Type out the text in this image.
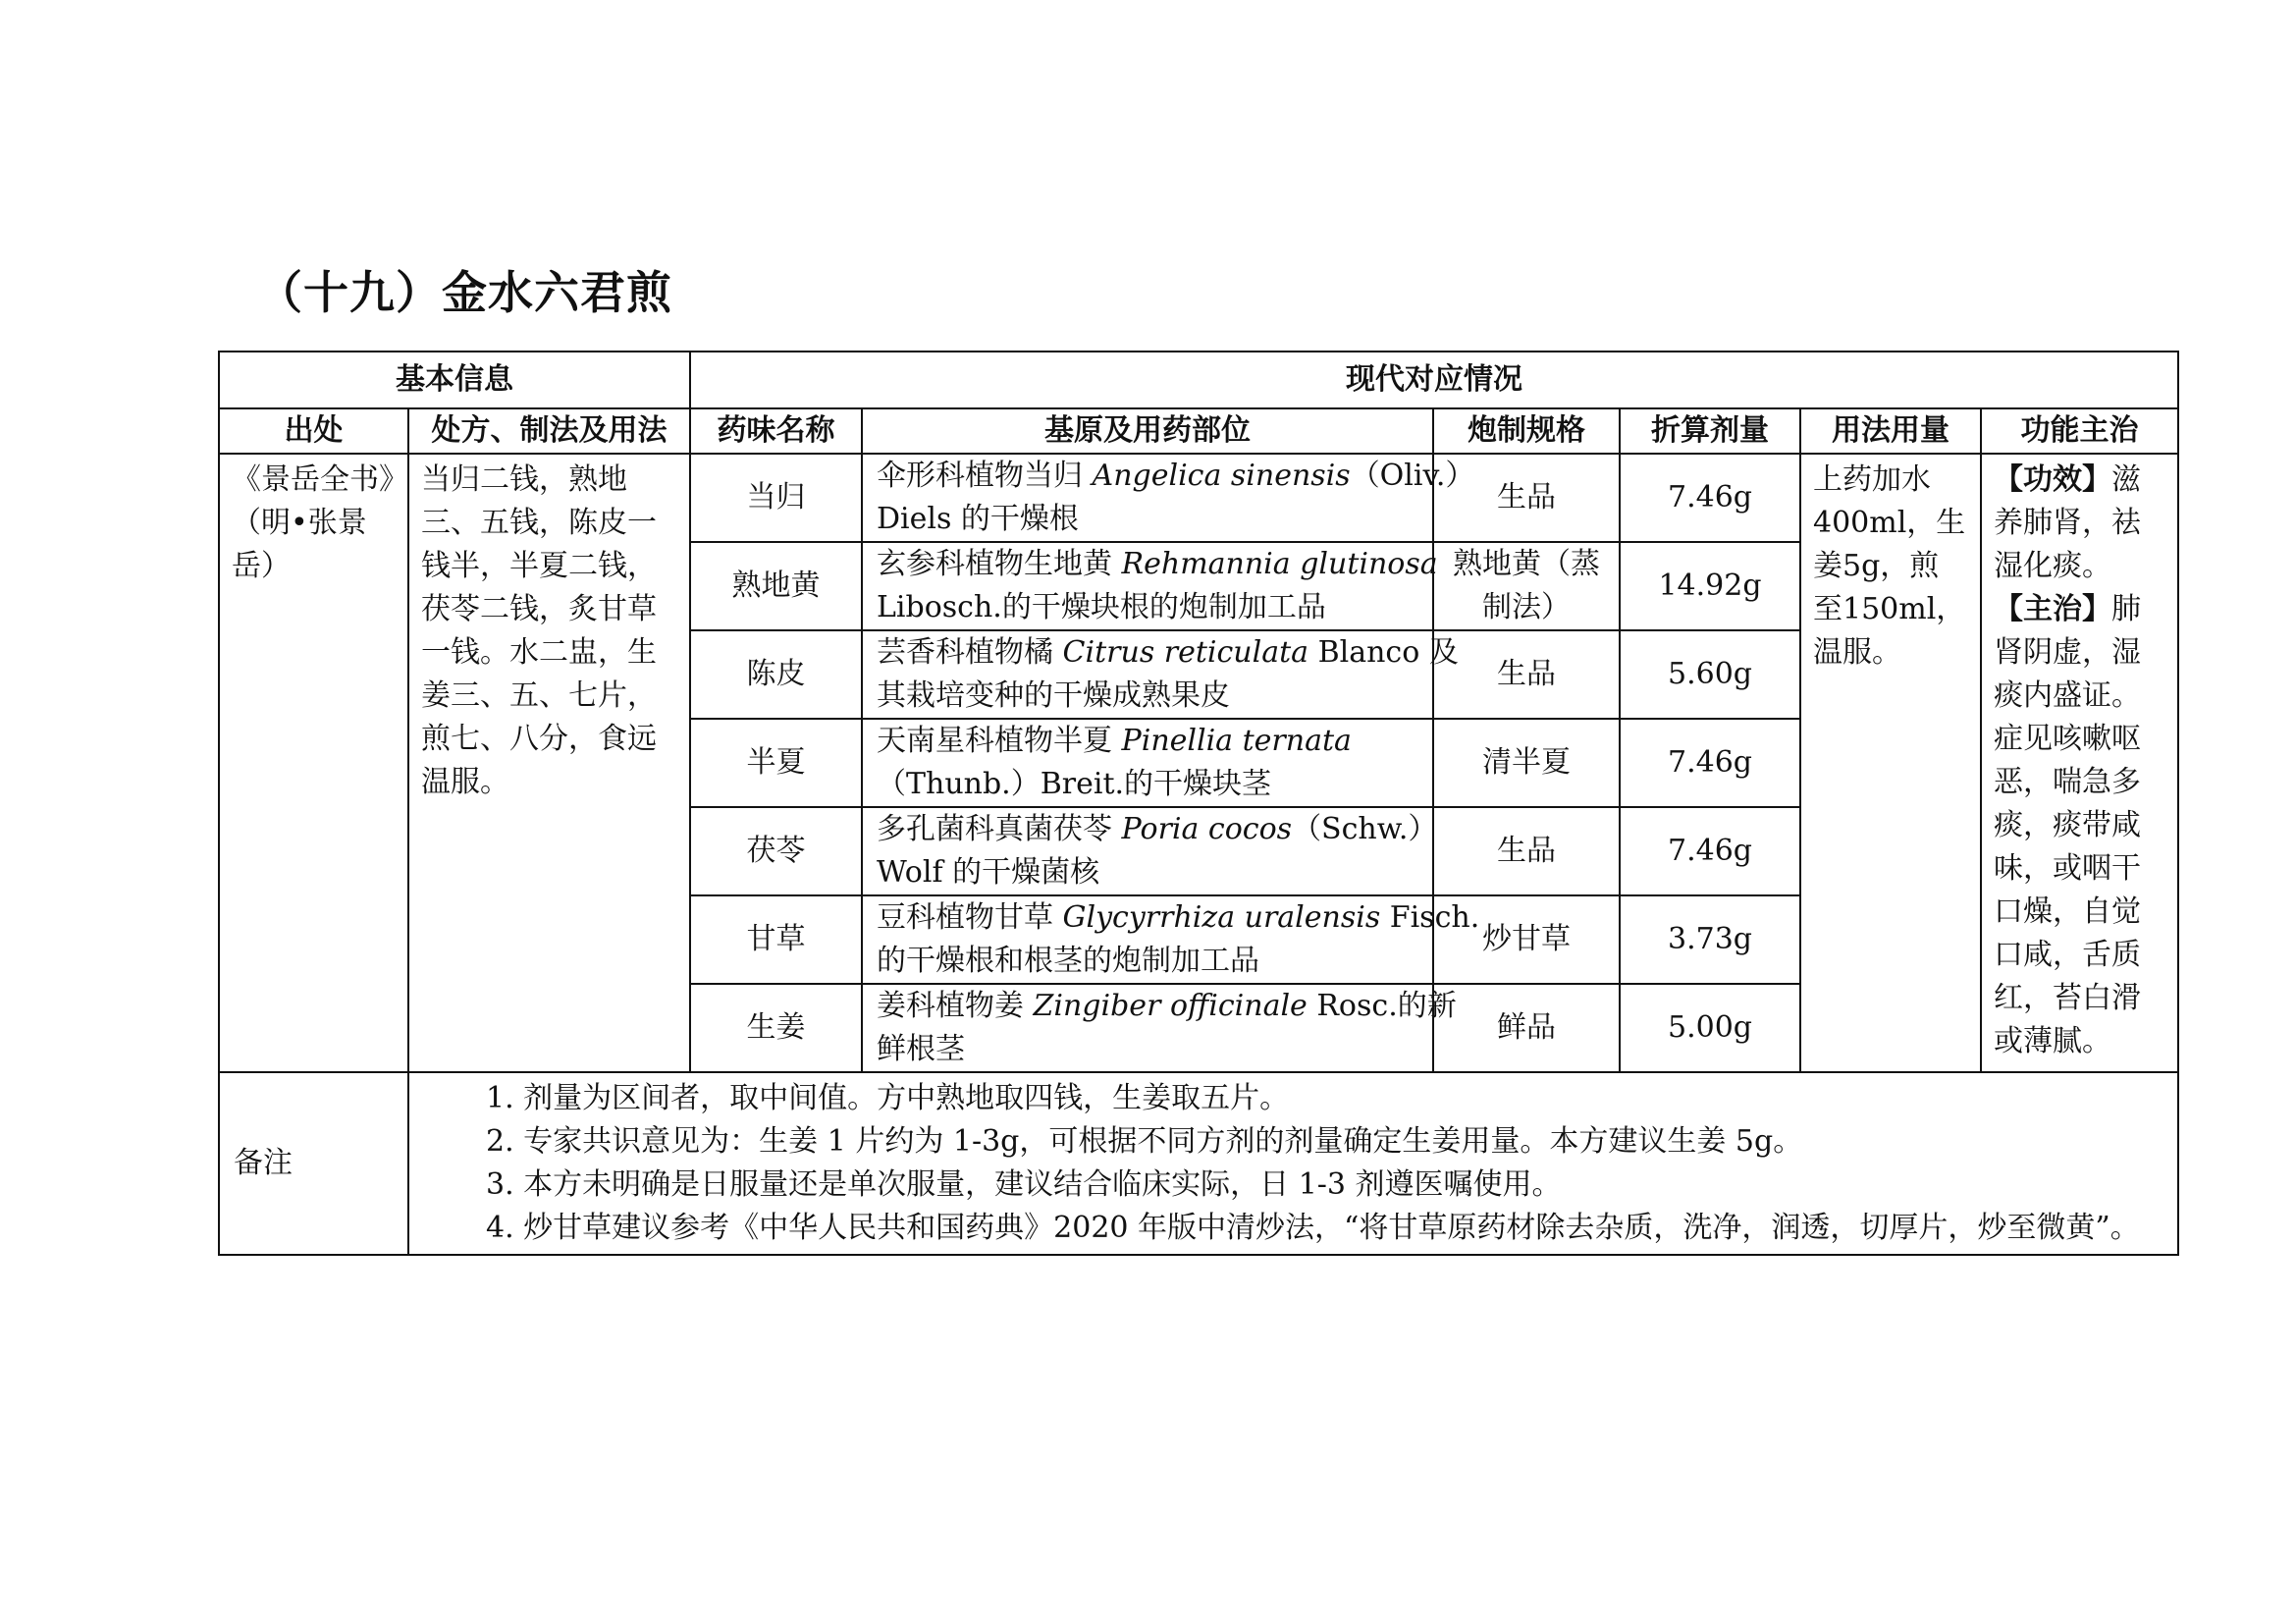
（十九）金水六君煎
基本信息		现代对应情况					
出处	处方、制法及用法	药味名称	基原及用药部位	炮制规格	折算剂量	用法用量	功能主治
《景岳全书》（明•张景岳）	当归二钱，熟地三、五钱，陈皮一钱半，半夏二钱，茯苓二钱，炙甘草一钱。水二盅，生姜三、五、七片，煎七、八分，食远温服。	当归	伞形科植物当归 Angelica sinensis（Oliv.）
Diels 的干燥根	生品	7.46g	上药加水400ml，生姜5g，煎至150ml，温服。	【功效】滋养肺肾，祛湿化痰。
【主治】肺肾阴虚，湿痰内盛证。症见咳嗽呕恶，喘急多痰，痰带咸味，或咽干口燥，自觉口咸，舌质红，苔白滑或薄腻。
		熟地黄	玄参科植物生地黄 Rehmannia glutinosa
Libosch.的干燥块根的炮制加工品	熟地黄（蒸制法）	14.92g		
		陈皮	芸香科植物橘 Citrus reticulata Blanco 及
其栽培变种的干燥成熟果皮	生品	5.60g		
		半夏	天南星科植物半夏 Pinellia ternata
（Thunb.）Breit.的干燥块茎	清半夏	7.46g		
		茯苓	多孔菌科真菌茯苓 Poria cocos（Schw.）
Wolf 的干燥菌核	生品	7.46g		
		甘草	豆科植物甘草 Glycyrrhiza uralensis Fisch.
的干燥根和根茎的炮制加工品	炒甘草	3.73g		
		生姜	姜科植物姜 Zingiber officinale Rosc.的新
鲜根茎	鲜品	5.00g		
备注	1. 剂量为区间者，取中间值。方中熟地取四钱，生姜取五片。
2. 专家共识意见为：生姜 1 片约为 1-3g，可根据不同方剂的剂量确定生姜用量。本方建议生姜 5g。
3. 本方未明确是日服量还是单次服量，建议结合临床实际，日 1-3 剂遵医嘱使用。
4. 炒甘草建议参考《中华人民共和国药典》2020 年版中清炒法，“将甘草原药材除去杂质，洗净，润透，切厚片，炒至微黄”。						
